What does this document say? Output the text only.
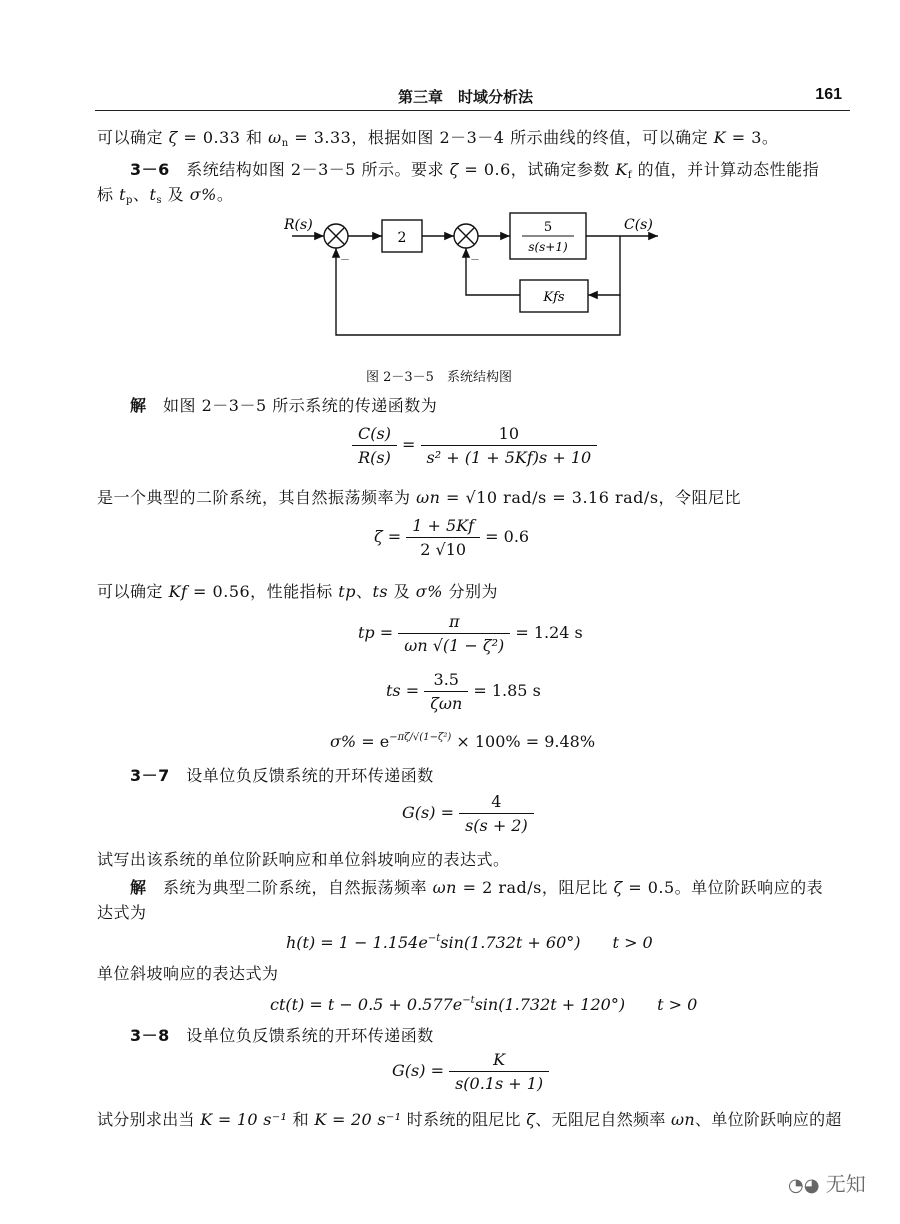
第三章　时域分析法	161
可以确定 ζ = 0.33 和 $\omega_n = 3.33$，根据如图 2－3－4 所示曲线的终值，可以确定 K = 3。
3－6　 系统结构如图 2－3－5 所示。要求 ζ = 0.6，试确定参数 $K_f$ 的值，并计算动态性能指
标 $t_p$、$t_s$ 及 σ%。
R(s)	C(s)
2
5
s(s+1)
Kfs
－	－
图 2－3－5　系统结构图
解　 如图 2－3－5 所示系统的传递函数为
$\frac{C(s)}{R(s)} = \frac{10}{\text{s² + (1 + 5Kf)s + 10}}$
是一个典型的二阶系统，其自然振荡频率为 ωn = √10 rad/s = 3.16 rad/s，令阻尼比
$\zeta = \frac{1 + 5Kf}{2 √10} = 0.6$
可以确定 Kf = 0.56，性能指标 tp、ts 及 σ% 分别为
tp = $\frac{\pi}{\text{ωn √(1 − ζ²)}} = 1.24$ s
ts = $\frac{3.5}{\text{ζωn}} = 1.85$ s
$\sigma\% = e^{-\pi\zeta/√(1-\zeta^2)} \times 100\% = 9.48\%$
3－7　 设单位负反馈系统的开环传递函数
$G(s) = \frac{4}{s(s + 2)}$
试写出该系统的单位阶跃响应和单位斜坡响应的表达式。
解　 系统为典型二阶系统，自然振荡频率 ωn = 2 rad/s，阻尼比 ζ = 0.5。单位阶跃响应的表
达式为
$h(t) = 1 - 1.154e^{-t}\sin(1.732t + 60^\circ)$　　 t > 0
单位斜坡响应的表达式为
$ct(t) = t - 0.5 + 0.577e^{-t}\sin(1.732t + 120^\circ)$　　 t > 0
3－8　 设单位负反馈系统的开环传递函数
$G(s) = \frac{K}{s(0.1s + 1)}$
试分别求出当 K = 10 s⁻¹ 和 K = 20 s⁻¹ 时系统的阻尼比 ζ、无阻尼自然频率 ωn、单位阶跃响应的超
◔◕ 无知
